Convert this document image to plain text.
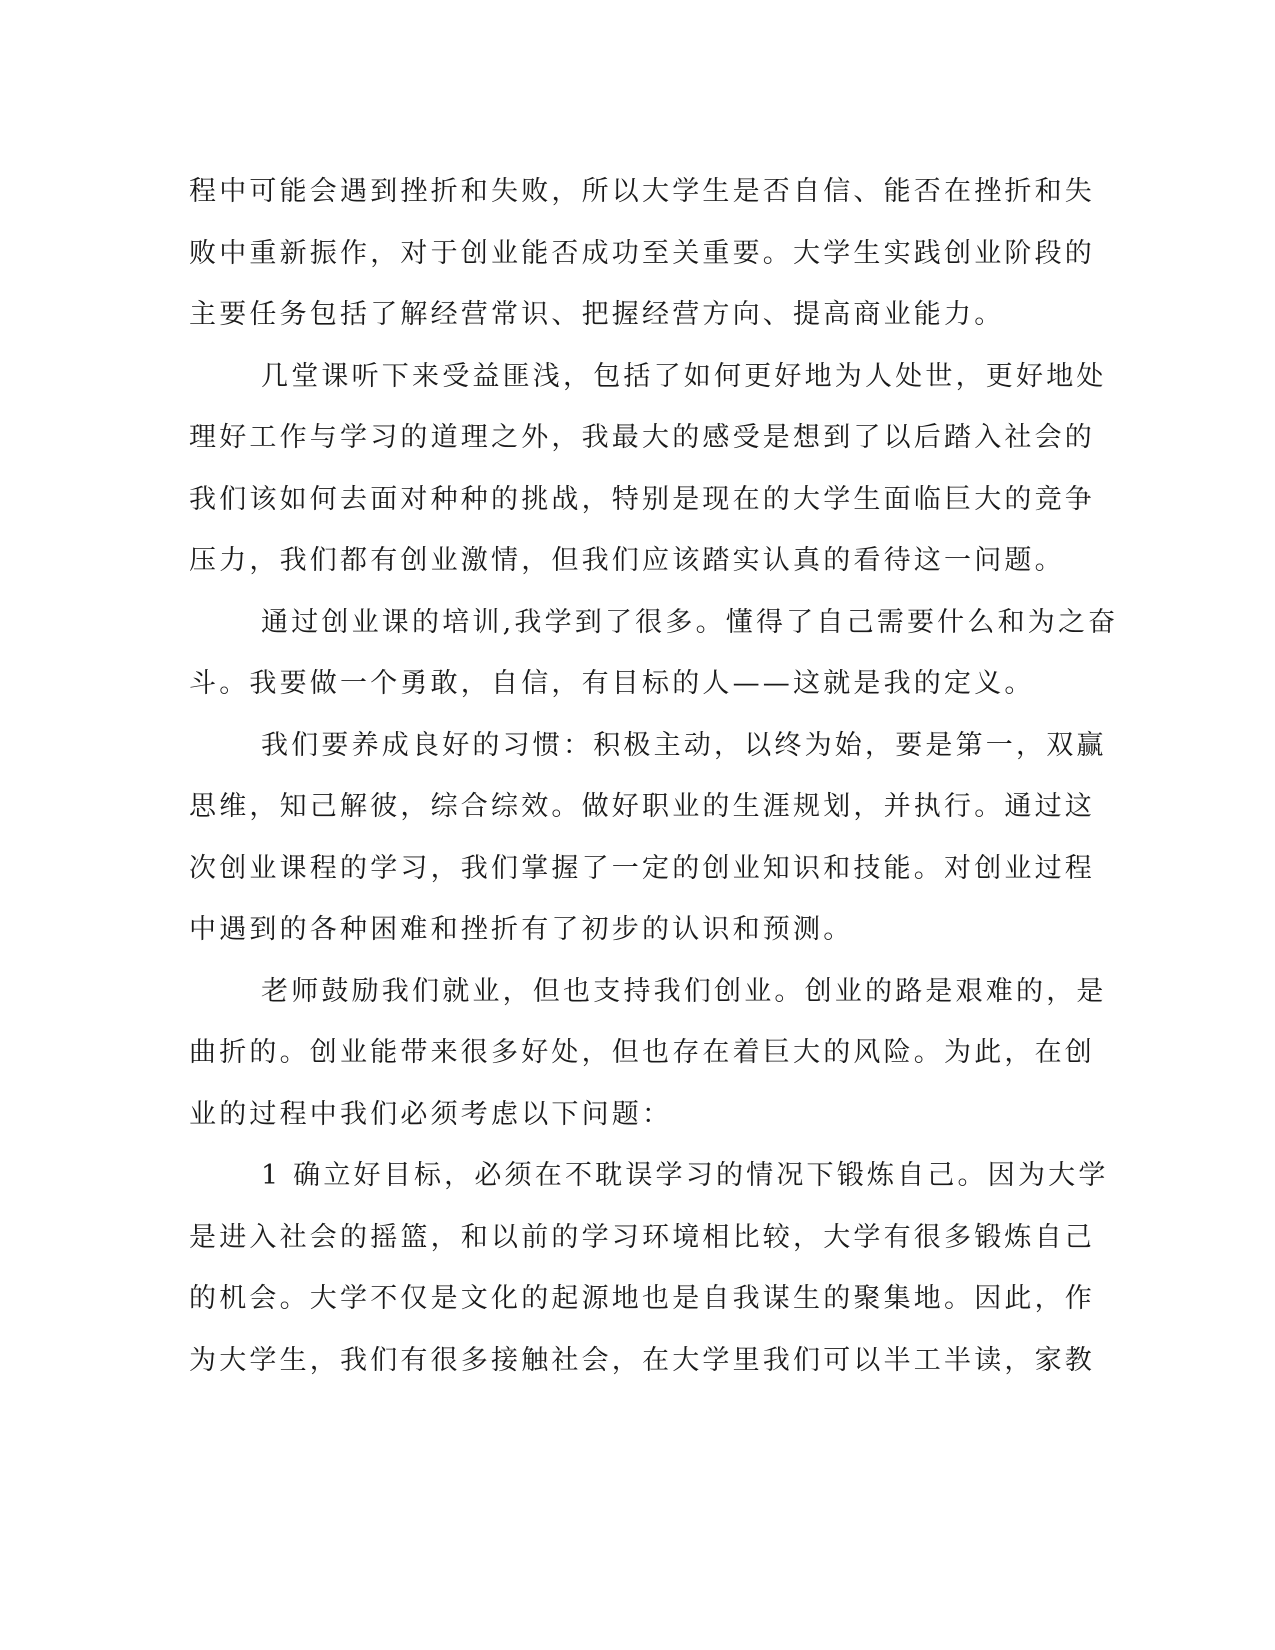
程中可能会遇到挫折和失败，所以大学生是否自信、能否在挫折和失
败中重新振作，对于创业能否成功至关重要。大学生实践创业阶段的
主要任务包括了解经营常识、把握经营方向、提高商业能力。
几堂课听下来受益匪浅，包括了如何更好地为人处世，更好地处
理好工作与学习的道理之外，我最大的感受是想到了以后踏入社会的
我们该如何去面对种种的挑战，特别是现在的大学生面临巨大的竞争
压力，我们都有创业激情，但我们应该踏实认真的看待这一问题。
通过创业课的培训,我学到了很多。懂得了自己需要什么和为之奋
斗。我要做一个勇敢，自信，有目标的人——这就是我的定义。
我们要养成良好的习惯：积极主动，以终为始，要是第一，双赢
思维，知己解彼，综合综效。做好职业的生涯规划，并执行。通过这
次创业课程的学习，我们掌握了一定的创业知识和技能。对创业过程
中遇到的各种困难和挫折有了初步的认识和预测。
老师鼓励我们就业，但也支持我们创业。创业的路是艰难的，是
曲折的。创业能带来很多好处，但也存在着巨大的风险。为此，在创
业的过程中我们必须考虑以下问题：
1 确立好目标，必须在不耽误学习的情况下锻炼自己。因为大学
是进入社会的摇篮，和以前的学习环境相比较，大学有很多锻炼自己
的机会。大学不仅是文化的起源地也是自我谋生的聚集地。因此，作
为大学生，我们有很多接触社会，在大学里我们可以半工半读，家教
